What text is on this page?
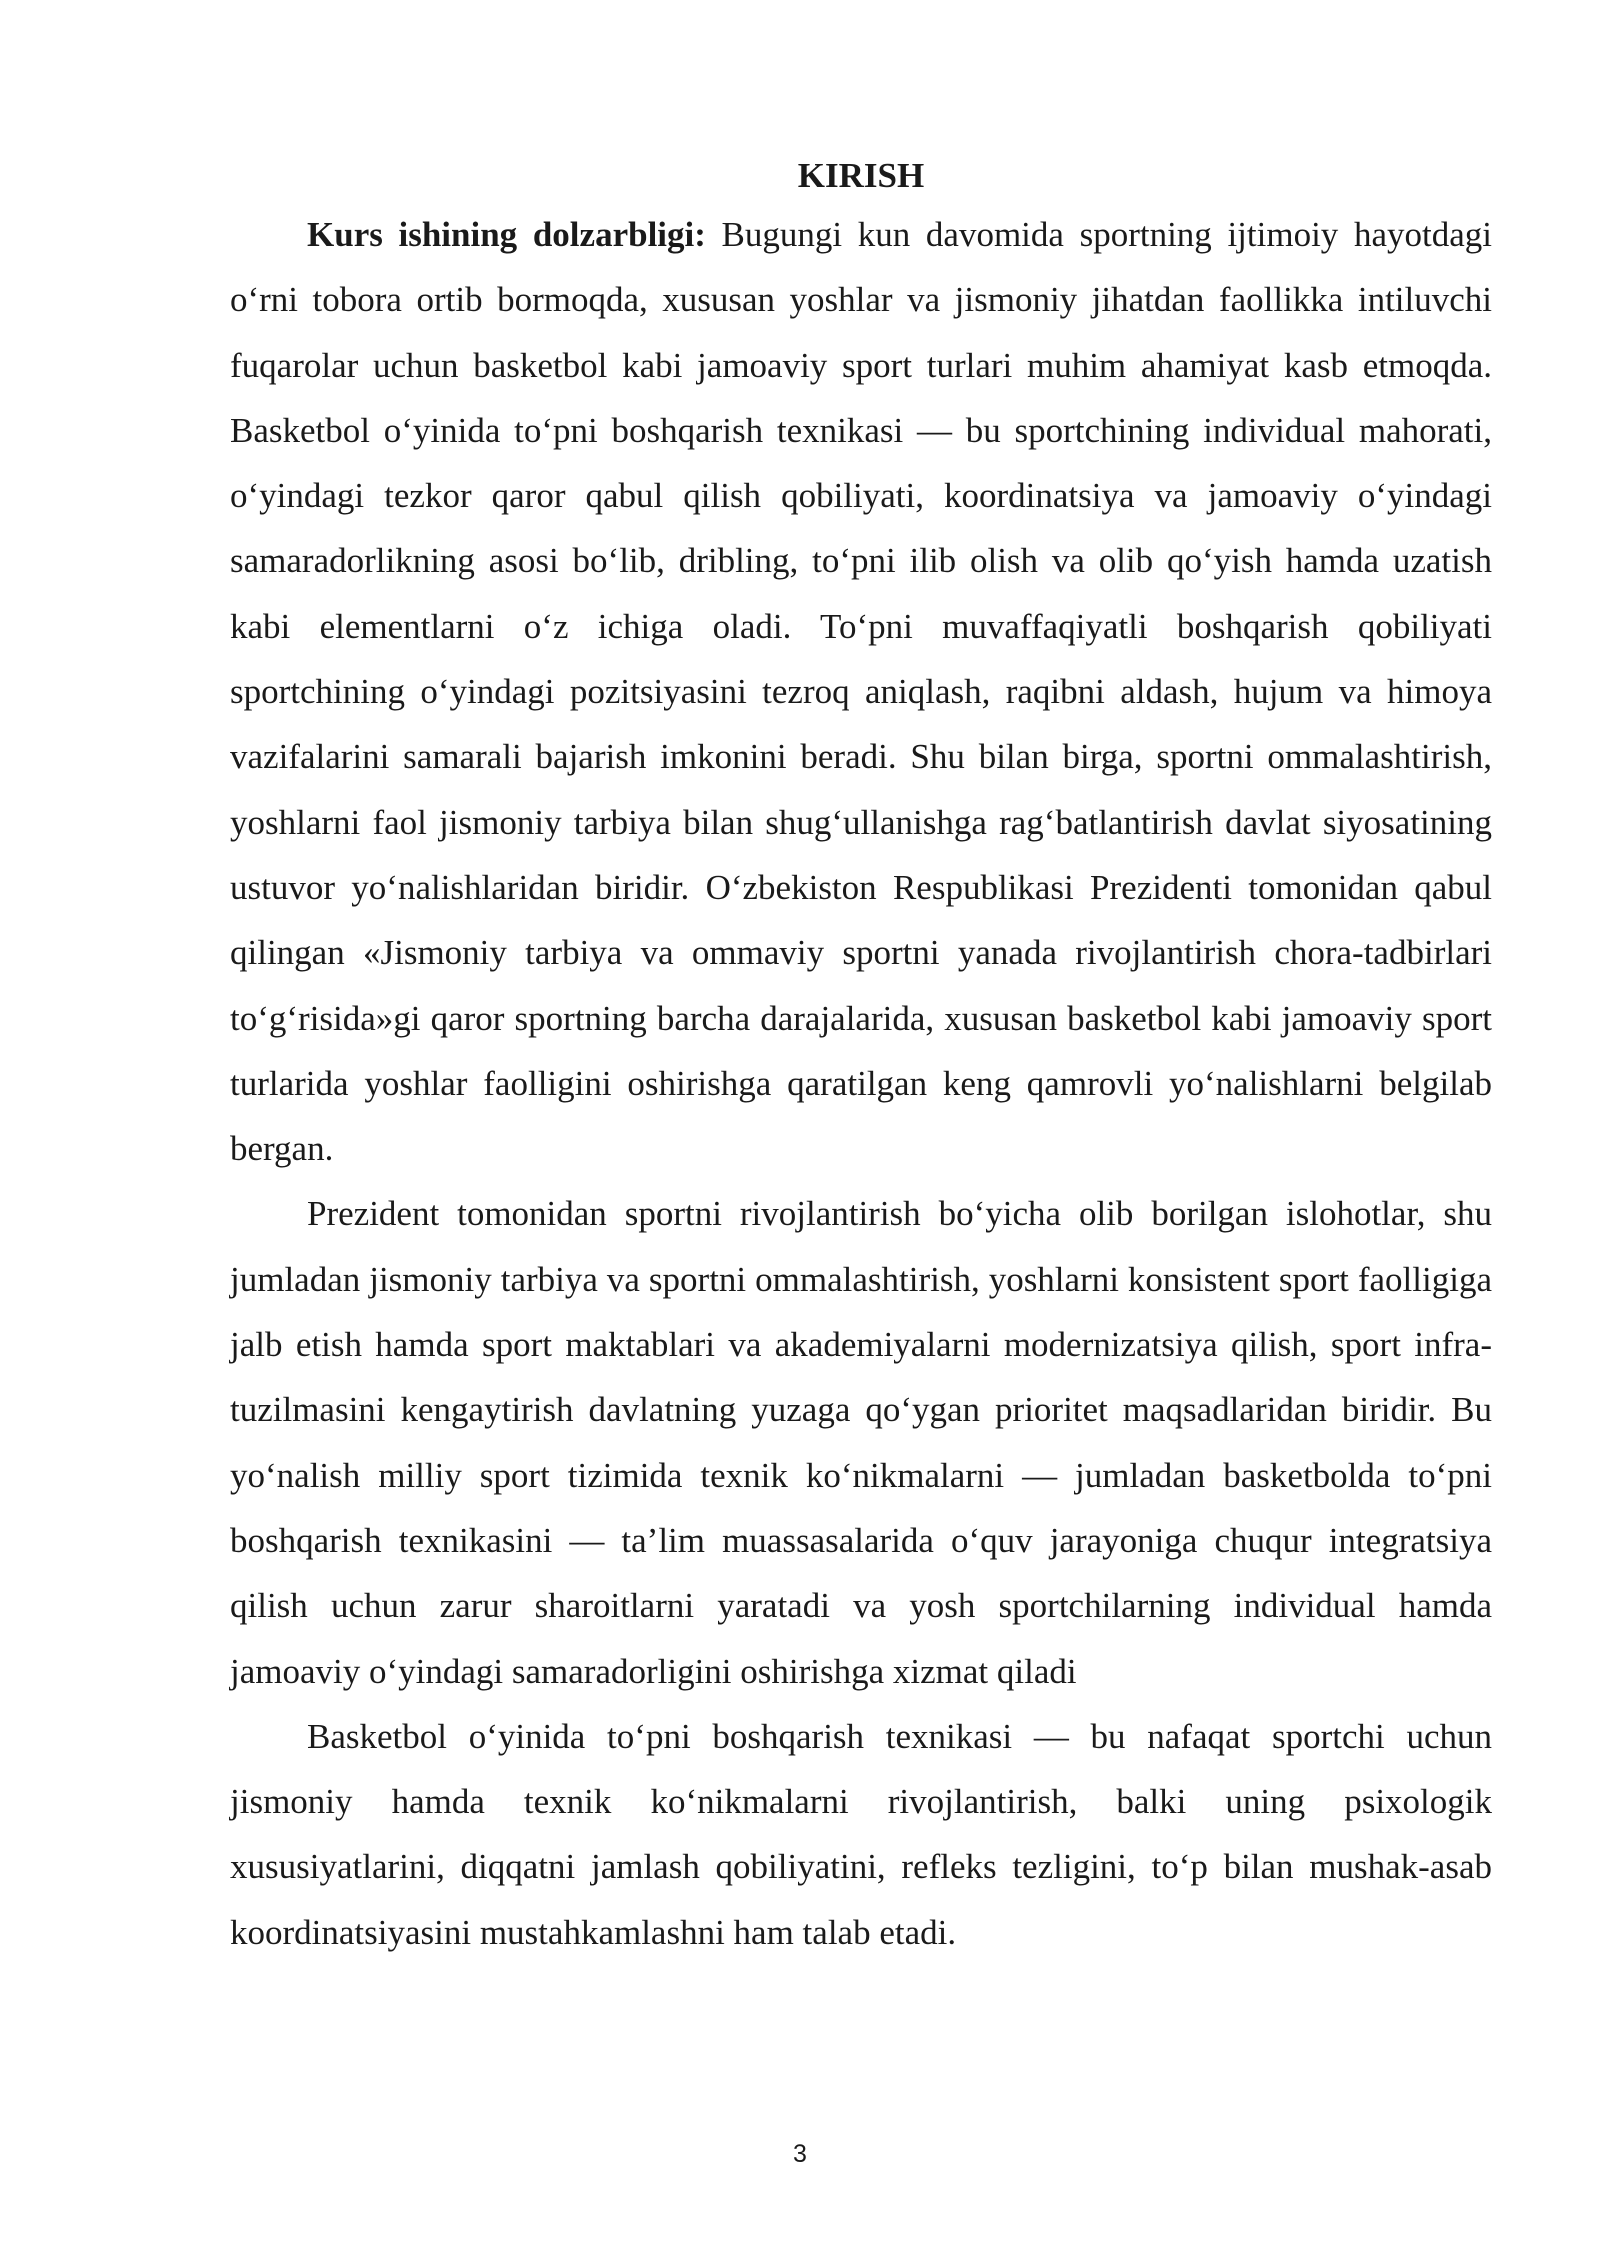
KIRISH

Kurs ishining dolzarbligi: Bugungi kun davomida sportning ijtimoiy hayotdagi o‘rni tobora ortib bormoqda, xususan yoshlar va jismoniy jihatdan faollikka intiluvchi fuqarolar uchun basketbol kabi jamoaviy sport turlari muhim ahamiyat kasb etmoqda. Basketbol o‘yinida to‘pni boshqarish texnikasi — bu sportchining individual mahorati, o‘yindagi tezkor qaror qabul qilish qobiliyati, koordinatsiya va jamoaviy o‘yindagi samaradorlikning asosi bo‘lib, dribling, to‘pni ilib olish va olib qo‘yish hamda uzatish kabi elementlarni o‘z ichiga oladi. To‘pni muvaffaqiyatli boshqarish qobiliyati sportchining o‘yindagi pozitsiyasini tezroq aniqlash, raqibni aldash, hujum va himoya vazifalarini samarali bajarish imkonini beradi. Shu bilan birga, sportni ommalashtirish, yoshlarni faol jismoniy tarbiya bilan shug‘ullanishga rag‘batlantirish davlat siyosatining ustuvor yo‘nalishlaridan biridir. O‘zbekiston Respublikasi Prezidenti tomonidan qabul qilingan «Jismoniy tarbiya va ommaviy sportni yanada rivojlantirish chora-tadbirlari to‘g‘risida»gi qaror sportning barcha darajalarida, xususan basketbol kabi jamoaviy sport turlarida yoshlar faolligini oshirishga qaratilgan keng qamrovli yo‘nalishlarni belgilab bergan.

Prezident tomonidan sportni rivojlantirish bo‘yicha olib borilgan islohotlar, shu jumladan jismoniy tarbiya va sportni ommalashtirish, yoshlarni konsistent sport faolligiga jalb etish hamda sport maktablari va akademiyalarni modernizatsiya qilish, sport infra-tuzilmasini kengaytirish davlatning yuzaga qo‘ygan prioritet maqsadlaridan biridir. Bu yo‘nalish milliy sport tizimida texnik ko‘nikmalarni — jumladan basketbolda to‘pni boshqarish texnikasini — ta’lim muassasalarida o‘quv jarayoniga chuqur integratsiya qilish uchun zarur sharoitlarni yaratadi va yosh sportchilarning individual hamda jamoaviy o‘yindagi samaradorligini oshirishga xizmat qiladi

Basketbol o‘yinida to‘pni boshqarish texnikasi — bu nafaqat sportchi uchun jismoniy hamda texnik ko‘nikmalarni rivojlantirish, balki uning psixologik xususiyatlarini, diqqatni jamlash qobiliyatini, refleks tezligini, to‘p bilan mushak-asab koordinatsiyasini mustahkamlashni ham talab etadi.

3
